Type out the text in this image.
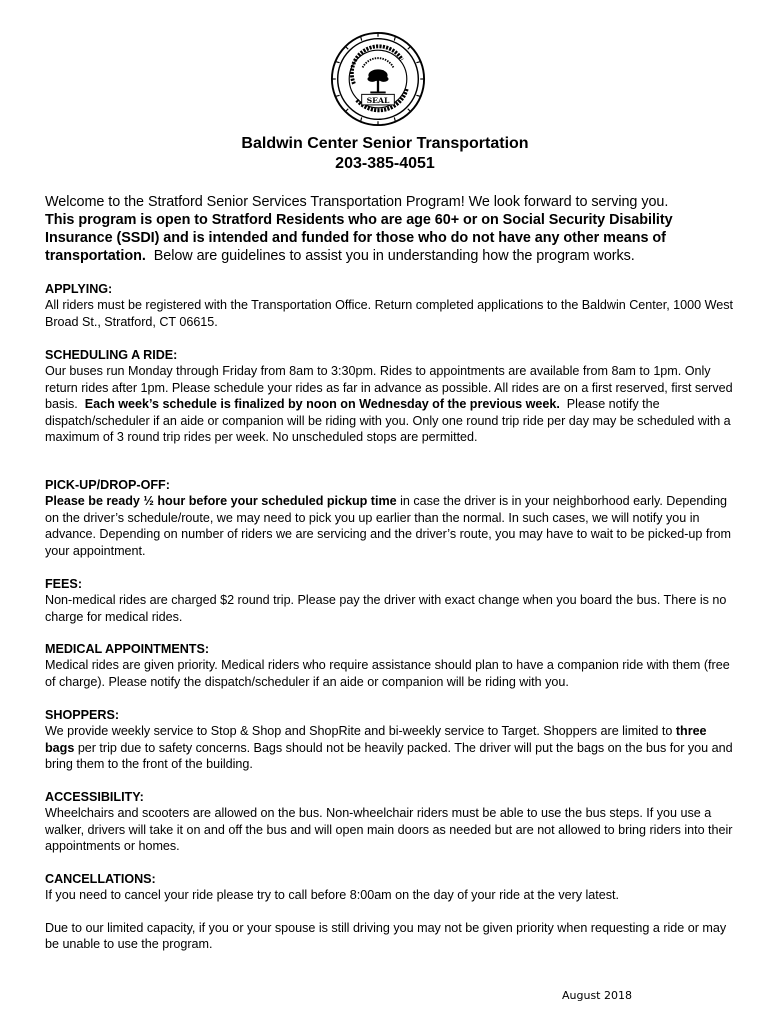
SEAL
Baldwin Center Senior Transportation
203-385-4051

Welcome to the Stratford Senior Services Transportation Program! We look forward to serving you.

This program is open to Stratford Residents who are age 60+ or on Social Security Disability Insurance (SSDI) and is intended and funded for those who do not have any other means of transportation. Below are guidelines to assist you in understanding how the program works.

APPLYING:

All riders must be registered with the Transportation Office. Return completed applications to the Baldwin Center, 1000 West Broad St., Stratford, CT 06615.

SCHEDULING A RIDE:

Our buses run Monday through Friday from 8am to 3:30pm. Rides to appointments are available from 8am to 1pm. Only return rides after 1pm. Please schedule your rides as far in advance as possible. All rides are on a first reserved, first served basis. Each week’s schedule is finalized by noon on Wednesday of the previous week. Please notify the dispatch/scheduler if an aide or companion will be riding with you. Only one round trip ride per day may be scheduled with a maximum of 3 round trip rides per week. No unscheduled stops are permitted.

PICK-UP/DROP-OFF:

Please be ready ½ hour before your scheduled pickup time in case the driver is in your neighborhood early. Depending on the driver’s schedule/route, we may need to pick you up earlier than the normal. In such cases, we will notify you in advance. Depending on number of riders we are servicing and the driver’s route, you may have to wait to be picked-up from your appointment.

FEES:

Non-medical rides are charged $2 round trip. Please pay the driver with exact change when you board the bus. There is no charge for medical rides.

MEDICAL APPOINTMENTS:

Medical rides are given priority. Medical riders who require assistance should plan to have a companion ride with them (free of charge). Please notify the dispatch/scheduler if an aide or companion will be riding with you.

SHOPPERS:

We provide weekly service to Stop & Shop and ShopRite and bi-weekly service to Target. Shoppers are limited to three bags per trip due to safety concerns. Bags should not be heavily packed. The driver will put the bags on the bus for you and bring them to the front of the building.

ACCESSIBILITY:

Wheelchairs and scooters are allowed on the bus. Non-wheelchair riders must be able to use the bus steps. If you use a walker, drivers will take it on and off the bus and will open main doors as needed but are not allowed to bring riders into their appointments or homes.

CANCELLATIONS:

If you need to cancel your ride please try to call before 8:00am on the day of your ride at the very latest.

Due to our limited capacity, if you or your spouse is still driving you may not be given priority when requesting a ride or may be unable to use the program.

August 2018
